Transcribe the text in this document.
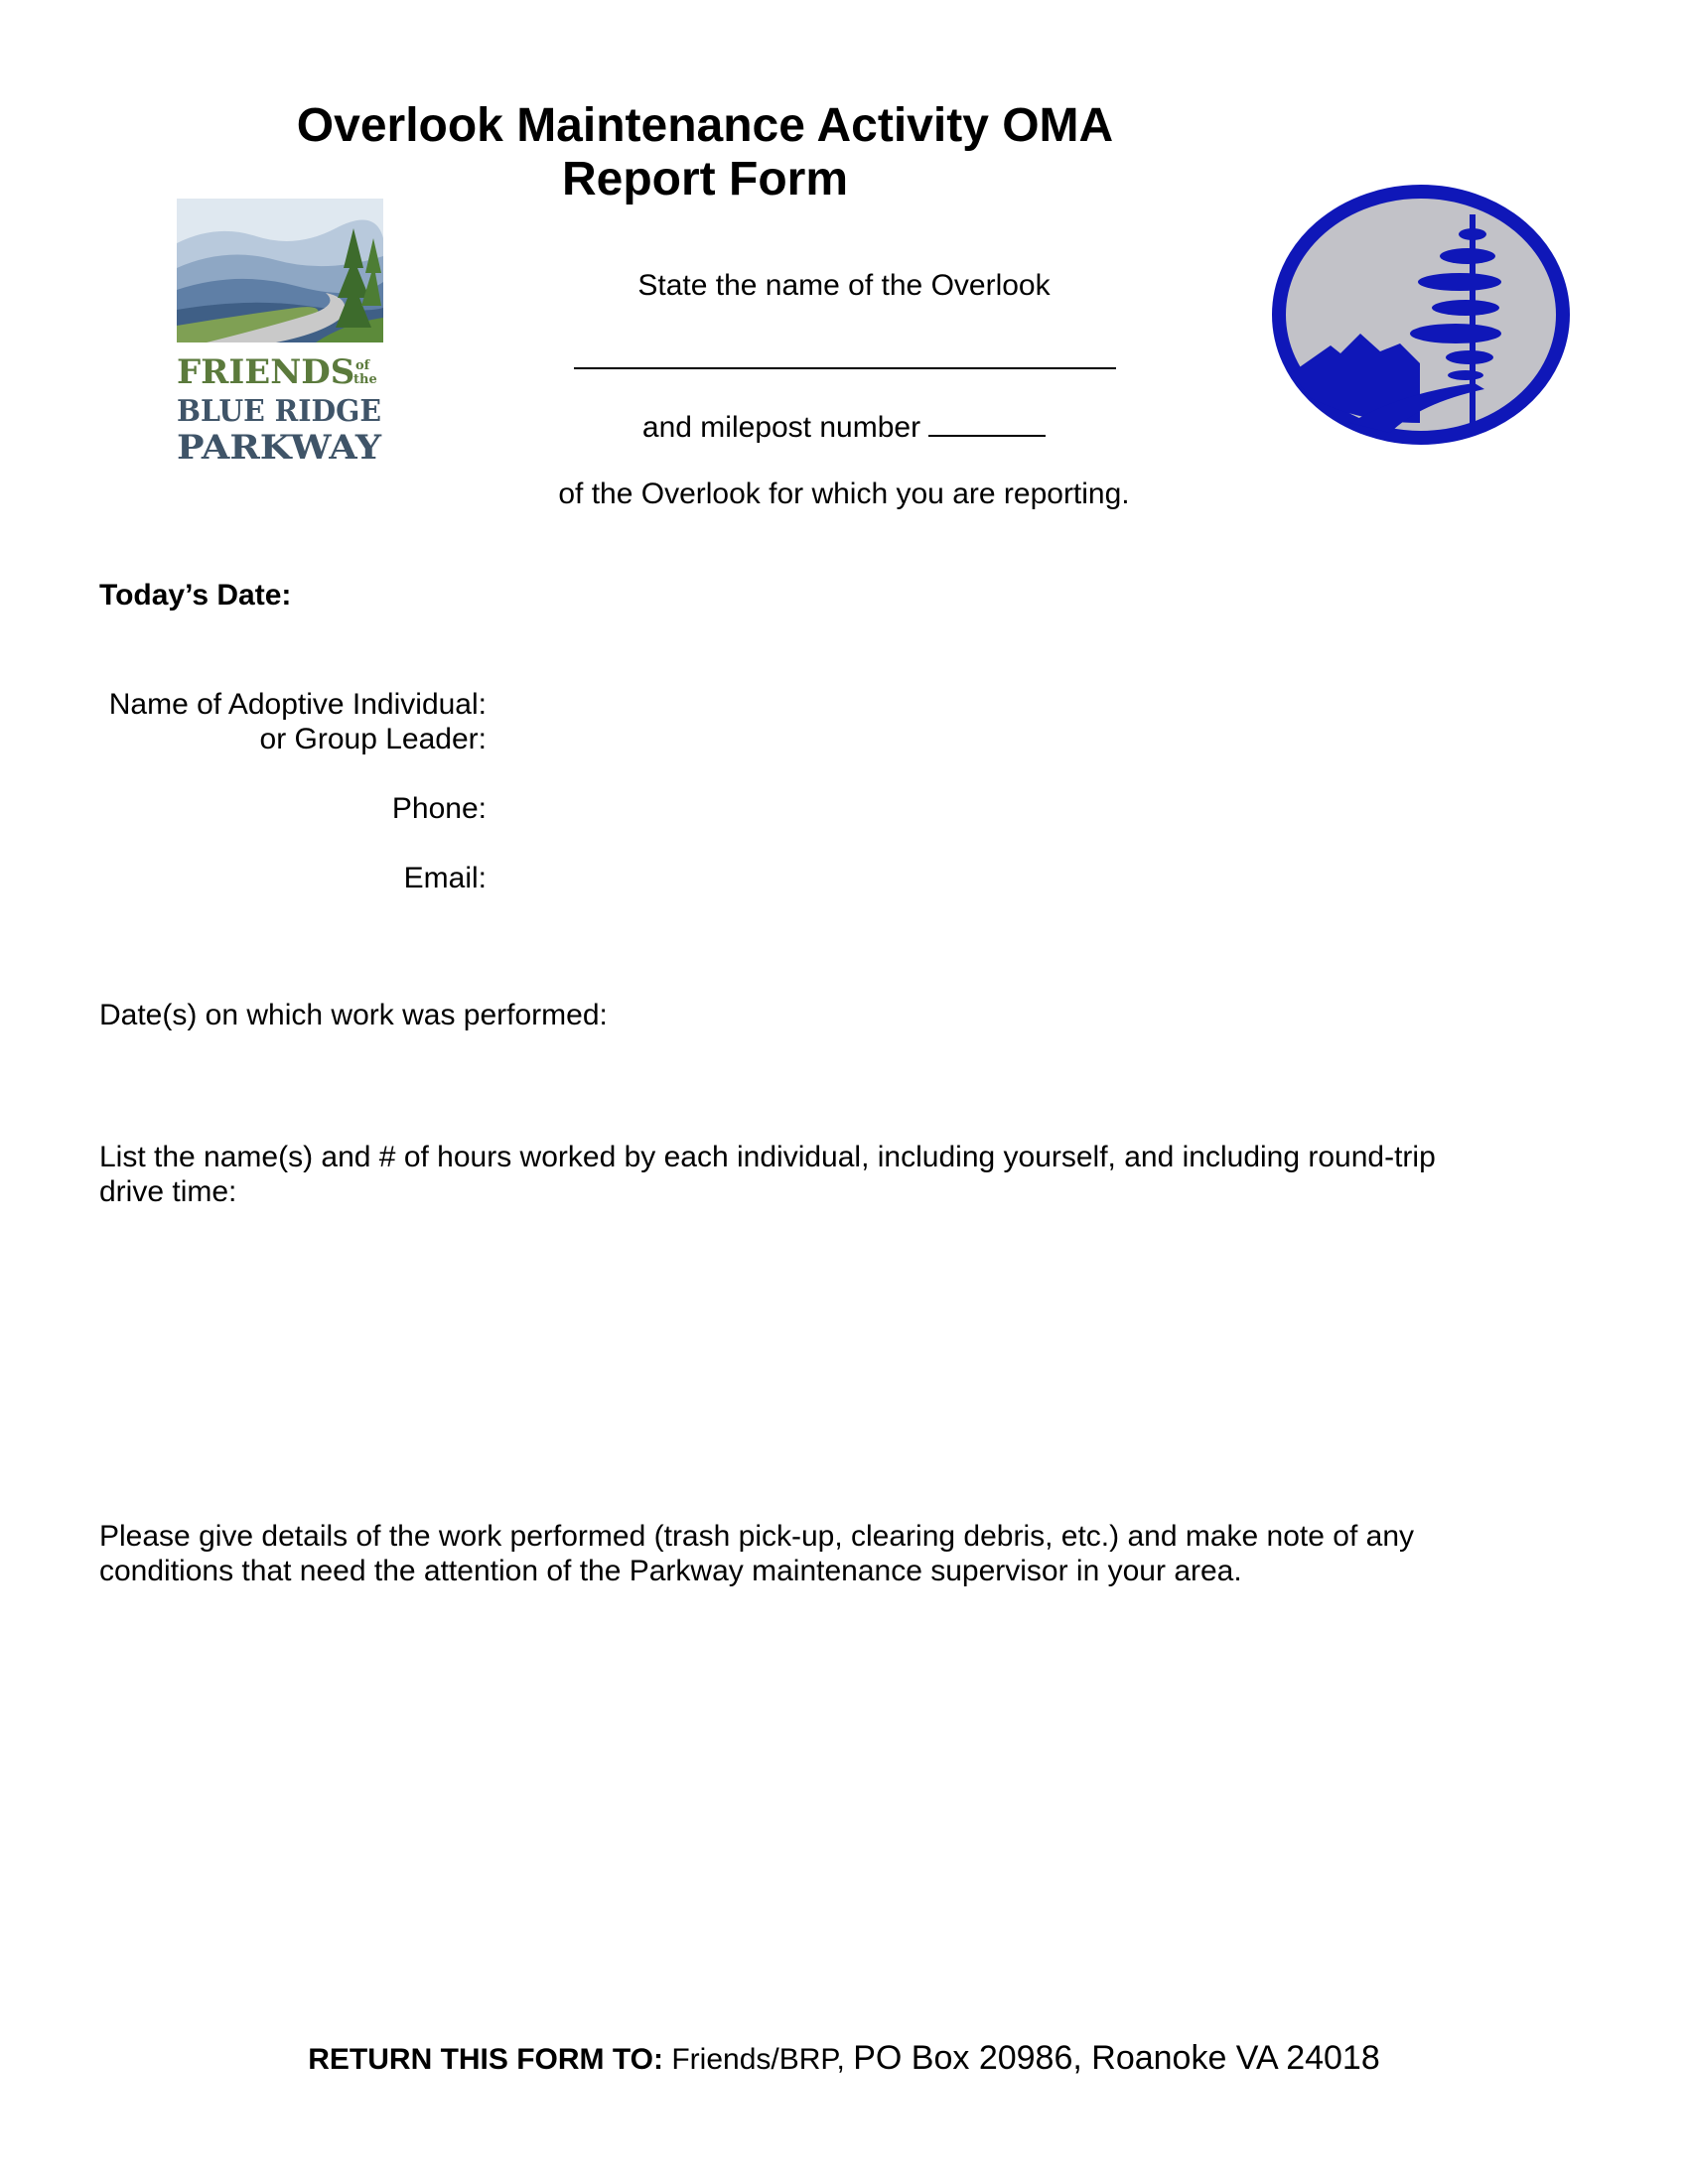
Overlook Maintenance Activity OMA
Report Form
FRIENDS of
the
BLUE RIDGE
PARKWAY
State the name of the Overlook
and milepost number
of the Overlook for which you are reporting.
Today’s Date:
Name of Adoptive Individual:
or Group Leader:
Phone:
Email:
Date(s) on which work was performed:
List the name(s) and # of hours worked by each individual, including yourself, and including round-trip drive time:
Please give details of the work performed (trash pick-up, clearing debris, etc.) and make note of any conditions that need the attention of the Parkway maintenance supervisor in your area.
RETURN THIS FORM TO: Friends/BRP, PO Box 20986, Roanoke VA 24018
